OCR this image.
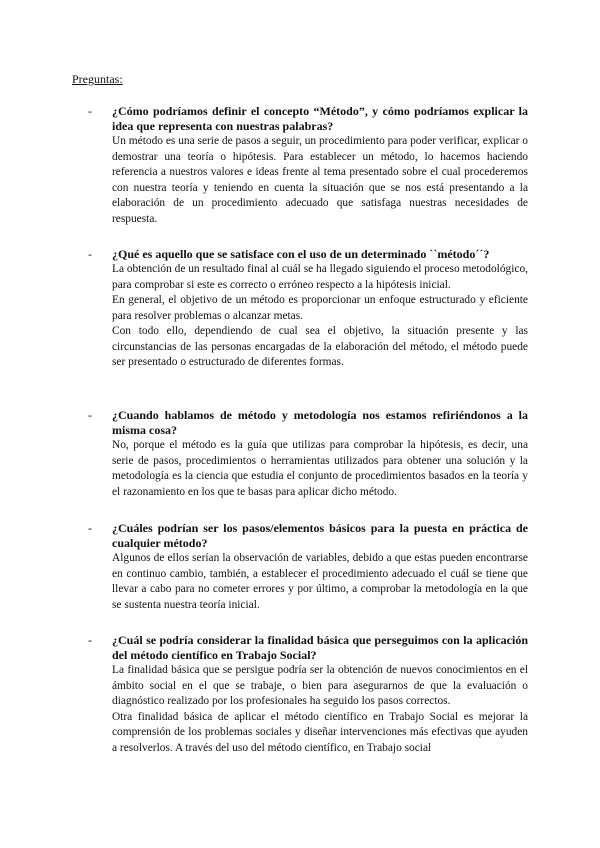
Preguntas:

- ¿Cómo podríamos definir el concepto “Método”, y cómo podríamos explicar la idea que representa con nuestras palabras?

Un método es una serie de pasos a seguir, un procedimiento para poder verificar, explicar o demostrar una teoría o hipótesis. Para establecer un método, lo hacemos haciendo referencia a nuestros valores e ideas frente al tema presentado sobre el cual procederemos con nuestra teoría y teniendo en cuenta la situación que se nos está presentando a la elaboración de un procedimiento adecuado que satisfaga nuestras necesidades de respuesta.

- ¿Qué es aquello que se satisface con el uso de un determinado ``método´´?

La obtención de un resultado final al cuál se ha llegado siguiendo el proceso metodológico, para comprobar si este es correcto o erróneo respecto a la hipótesis inicial.

En general, el objetivo de un método es proporcionar un enfoque estructurado y eficiente para resolver problemas o alcanzar metas.

Con todo ello, dependiendo de cual sea el objetivo, la situación presente y las circunstancias de las personas encargadas de la elaboración del método, el método puede ser presentado o estructurado de diferentes formas.

- ¿Cuando hablamos de método y metodología nos estamos refiriéndonos a la misma cosa?

No, porque el método es la guía que utilizas para comprobar la hipótesis, es decir, una serie de pasos, procedimientos o herramientas utilizados para obtener una solución y la metodología es la ciencia que estudia el conjunto de procedimientos basados en la teoría y el razonamiento en los que te basas para aplicar dicho método.

- ¿Cuáles podrían ser los pasos/elementos básicos para la puesta en práctica de cualquier método?

Algunos de ellos serían la observación de variables, debido a que estas pueden encontrarse en continuo cambio, también, a establecer el procedimiento adecuado el cuál se tiene que llevar a cabo para no cometer errores y por último, a comprobar la metodología en la que se sustenta nuestra teoría inicial.

- ¿Cuál se podría considerar la finalidad básica que perseguimos con la aplicación del método científico en Trabajo Social?

La finalidad básica que se persigue podría ser la obtención de nuevos conocimientos en el ámbito social en el que se trabaje, o bien para asegurarnos de que la evaluación o diagnóstico realizado por los profesionales ha seguido los pasos correctos.

Otra finalidad básica de aplicar el método científico en Trabajo Social es mejorar la comprensión de los problemas sociales y diseñar intervenciones más efectivas que ayuden a resolverlos. A través del uso del método científico, en Trabajo social
